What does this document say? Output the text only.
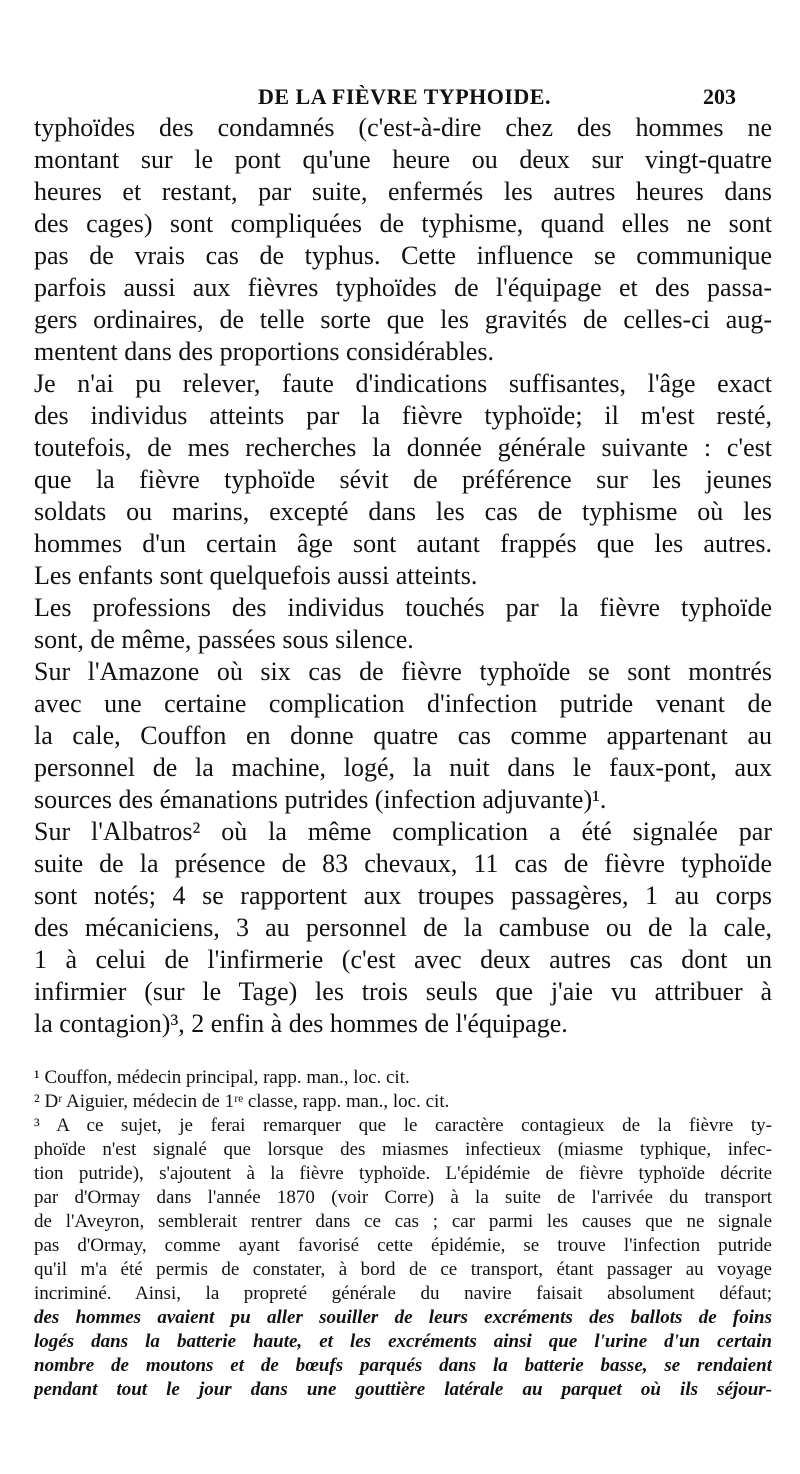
DE LA FIÈVRE TYPHOIDE.	203
typhoïdes des condamnés (c'est-à-dire chez des hommes ne
montant sur le pont qu'une heure ou deux sur vingt-quatre
heures et restant, par suite, enfermés les autres heures dans
des cages) sont compliquées de typhisme, quand elles ne sont
pas de vrais cas de typhus. Cette influence se communique
parfois aussi aux fièvres typhoïdes de l'équipage et des passa-
gers ordinaires, de telle sorte que les gravités de celles-ci aug-
mentent dans des proportions considérables.
Je n'ai pu relever, faute d'indications suffisantes, l'âge exact
des individus atteints par la fièvre typhoïde; il m'est resté,
toutefois, de mes recherches la donnée générale suivante : c'est
que la fièvre typhoïde sévit de préférence sur les jeunes
soldats ou marins, excepté dans les cas de typhisme où les
hommes d'un certain âge sont autant frappés que les autres.
Les enfants sont quelquefois aussi atteints.
Les professions des individus touchés par la fièvre typhoïde
sont, de même, passées sous silence.
Sur l'Amazone où six cas de fièvre typhoïde se sont montrés
avec une certaine complication d'infection putride venant de
la cale, Couffon en donne quatre cas comme appartenant au
personnel de la machine, logé, la nuit dans le faux-pont, aux
sources des émanations putrides (infection adjuvante)¹.
Sur l'Albatros² où la même complication a été signalée par
suite de la présence de 83 chevaux, 11 cas de fièvre typhoïde
sont notés; 4 se rapportent aux troupes passagères, 1 au corps
des mécaniciens, 3 au personnel de la cambuse ou de la cale,
1 à celui de l'infirmerie (c'est avec deux autres cas dont un
infirmier (sur le Tage) les trois seuls que j'aie vu attribuer à
la contagion)³, 2 enfin à des hommes de l'équipage.
¹ Couffon, médecin principal, rapp. man., loc. cit.
² Dʳ Aiguier, médecin de 1ʳᵉ classe, rapp. man., loc. cit.
³ A ce sujet, je ferai remarquer que le caractère contagieux de la fièvre ty-
phoïde n'est signalé que lorsque des miasmes infectieux (miasme typhique, infec-
tion putride), s'ajoutent à la fièvre typhoïde. L'épidémie de fièvre typhoïde décrite
par d'Ormay dans l'année 1870 (voir Corre) à la suite de l'arrivée du transport
de l'Aveyron, semblerait rentrer dans ce cas ; car parmi les causes que ne signale
pas d'Ormay, comme ayant favorisé cette épidémie, se trouve l'infection putride
qu'il m'a été permis de constater, à bord de ce transport, étant passager au voyage
incriminé. Ainsi, la propreté générale du navire faisait absolument défaut;
des hommes avaient pu aller souiller de leurs excréments des ballots de foins
logés dans la batterie haute, et les excréments ainsi que l'urine d'un certain
nombre de moutons et de bœufs parqués dans la batterie basse, se rendaient
pendant tout le jour dans une gouttière latérale au parquet où ils séjour-
